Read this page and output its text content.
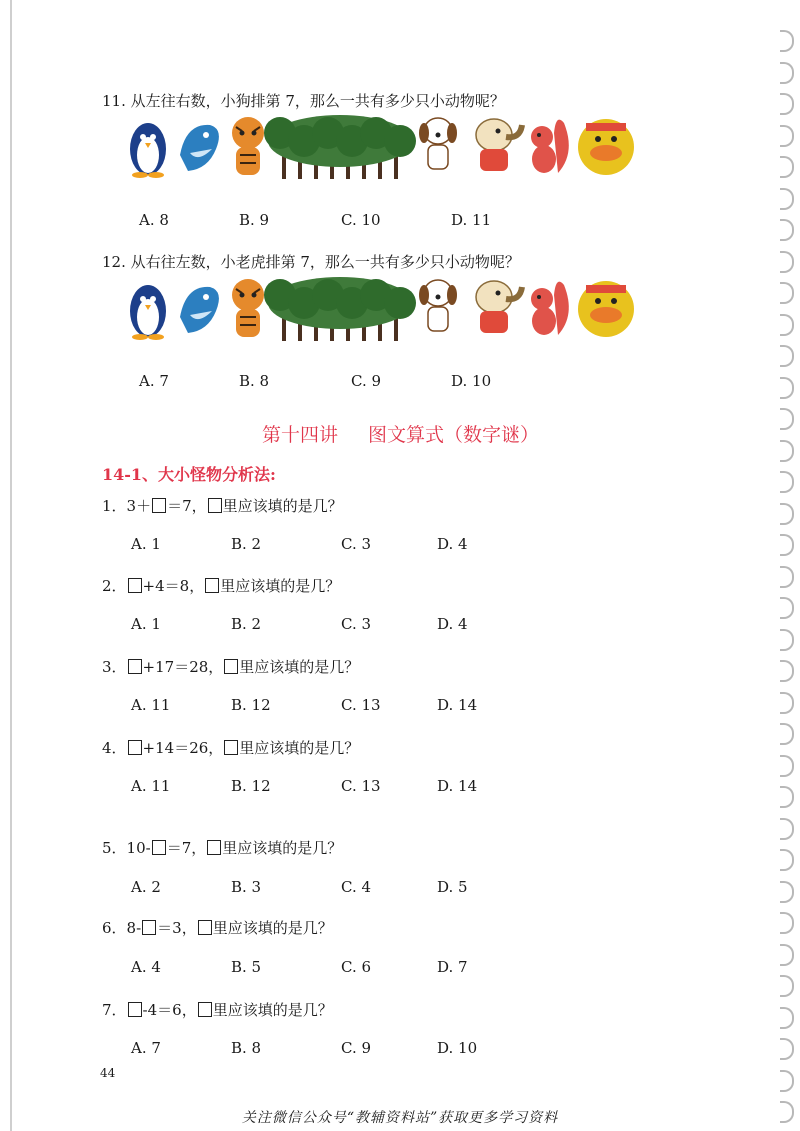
11. 从左往右数，小狗排第 7，那么一共有多少只小动物呢？
A. 8	B. 9	C. 10	D. 11
12. 从右往左数，小老虎排第 7，那么一共有多少只小动物呢？
A. 7	B. 8	C. 9	D. 10
第十四讲 图文算式（数字谜）
14-1、大小怪物分析法:
1．3＋ ＝7， 里应该填的是几？
A. 1	B. 2	C. 3	D. 4
2． +4＝8， 里应该填的是几？
A. 1	B. 2	C. 3	D. 4
3． +17＝28， 里应该填的是几？
A. 11	B. 12	C. 13	D. 14
4． +14＝26， 里应该填的是几？
A. 11	B. 12	C. 13	D. 14
5．10- ＝7， 里应该填的是几？
A. 2	B. 3	C. 4	D. 5
6．8- ＝3， 里应该填的是几？
A. 4	B. 5	C. 6	D. 7
7． -4＝6， 里应该填的是几？
A. 7	B. 8	C. 9	D. 10
44
关注微信公众号“教辅资料站”获取更多学习资料
